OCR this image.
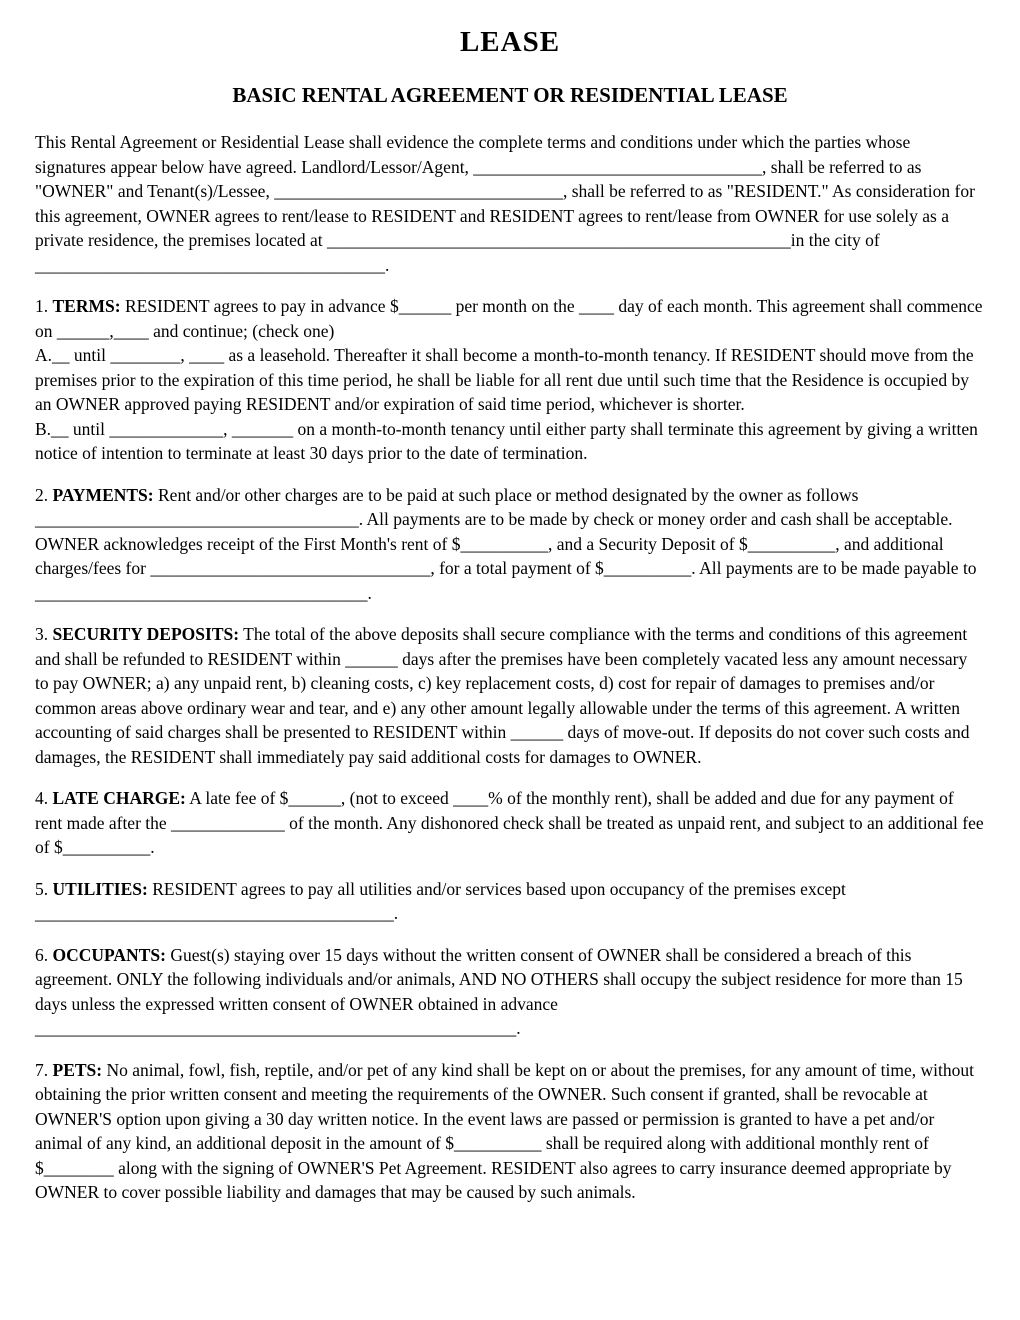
LEASE
BASIC RENTAL AGREEMENT OR RESIDENTIAL LEASE

This Rental Agreement or Residential Lease shall evidence the complete terms and conditions under which the parties whose signatures appear below have agreed. Landlord/Lessor/Agent, _________________________________, shall be referred to as "OWNER" and Tenant(s)/Lessee, _________________________________, shall be referred to as "RESIDENT." As consideration for this agreement, OWNER agrees to rent/lease to RESIDENT and RESIDENT agrees to rent/lease from OWNER for use solely as a private residence, the premises located at _____________________________________________________in the city of ________________________________________.

1. TERMS: RESIDENT agrees to pay in advance $______ per month on the ____ day of each month. This agreement shall commence on ______,____ and continue; (check one)
A.__ until ________, ____ as a leasehold. Thereafter it shall become a month-to-month tenancy. If RESIDENT should move from the premises prior to the expiration of this time period, he shall be liable for all rent due until such time that the Residence is occupied by an OWNER approved paying RESIDENT and/or expiration of said time period, whichever is shorter.
B.__ until _____________, _______ on a month-to-month tenancy until either party shall terminate this agreement by giving a written notice of intention to terminate at least 30 days prior to the date of termination.
2. PAYMENTS: Rent and/or other charges are to be paid at such place or method designated by the owner as follows _____________________________________. All payments are to be made by check or money order and cash shall be acceptable. OWNER acknowledges receipt of the First Month's rent of $__________, and a Security Deposit of $__________, and additional charges/fees for ________________________________, for a total payment of $__________. All payments are to be made payable to ______________________________________.
3. SECURITY DEPOSITS: The total of the above deposits shall secure compliance with the terms and conditions of this agreement and shall be refunded to RESIDENT within ______ days after the premises have been completely vacated less any amount necessary to pay OWNER; a) any unpaid rent, b) cleaning costs, c) key replacement costs, d) cost for repair of damages to premises and/or common areas above ordinary wear and tear, and e) any other amount legally allowable under the terms of this agreement. A written accounting of said charges shall be presented to RESIDENT within ______ days of move-out. If deposits do not cover such costs and damages, the RESIDENT shall immediately pay said additional costs for damages to OWNER.
4. LATE CHARGE: A late fee of $______, (not to exceed ____% of the monthly rent), shall be added and due for any payment of rent made after the _____________ of the month. Any dishonored check shall be treated as unpaid rent, and subject to an additional fee of $__________.
5. UTILITIES: RESIDENT agrees to pay all utilities and/or services based upon occupancy of the premises except _________________________________________.
6. OCCUPANTS: Guest(s) staying over 15 days without the written consent of OWNER shall be considered a breach of this agreement. ONLY the following individuals and/or animals, AND NO OTHERS shall occupy the subject residence for more than 15 days unless the expressed written consent of OWNER obtained in advance _______________________________________________________.
7. PETS: No animal, fowl, fish, reptile, and/or pet of any kind shall be kept on or about the premises, for any amount of time, without obtaining the prior written consent and meeting the requirements of the OWNER. Such consent if granted, shall be revocable at OWNER'S option upon giving a 30 day written notice. In the event laws are passed or permission is granted to have a pet and/or animal of any kind, an additional deposit in the amount of $__________ shall be required along with additional monthly rent of $________ along with the signing of OWNER'S Pet Agreement. RESIDENT also agrees to carry insurance deemed appropriate by OWNER to cover possible liability and damages that may be caused by such animals.
